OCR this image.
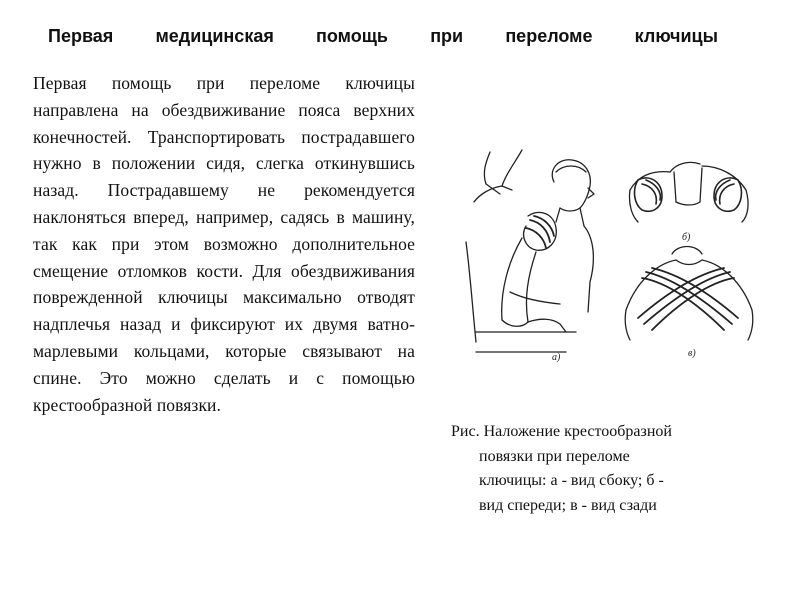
Первая медицинская помощь при переломе ключицы

Первая помощь при переломе ключицы направлена на обездвиживание пояса верхних конечностей. Транспортировать пострадавшего нужно в положении сидя, слегка откинувшись назад. Пострадавшему не рекомендуется наклоняться вперед, например, садясь в машину, так как при этом возможно дополнительное смещение отломков кости. Для обездвиживания поврежденной ключицы максимально отводят надплечья назад и фиксируют их двумя ватно-марлевыми кольцами, которые связывают на спине. Это можно сделать и с помощью крестообразной повязки.

а)
б)
в)
Рис. Наложение крестообразной
повязки при переломе
ключицы: а - вид сбоку; б -
вид спереди; в - вид сзади
